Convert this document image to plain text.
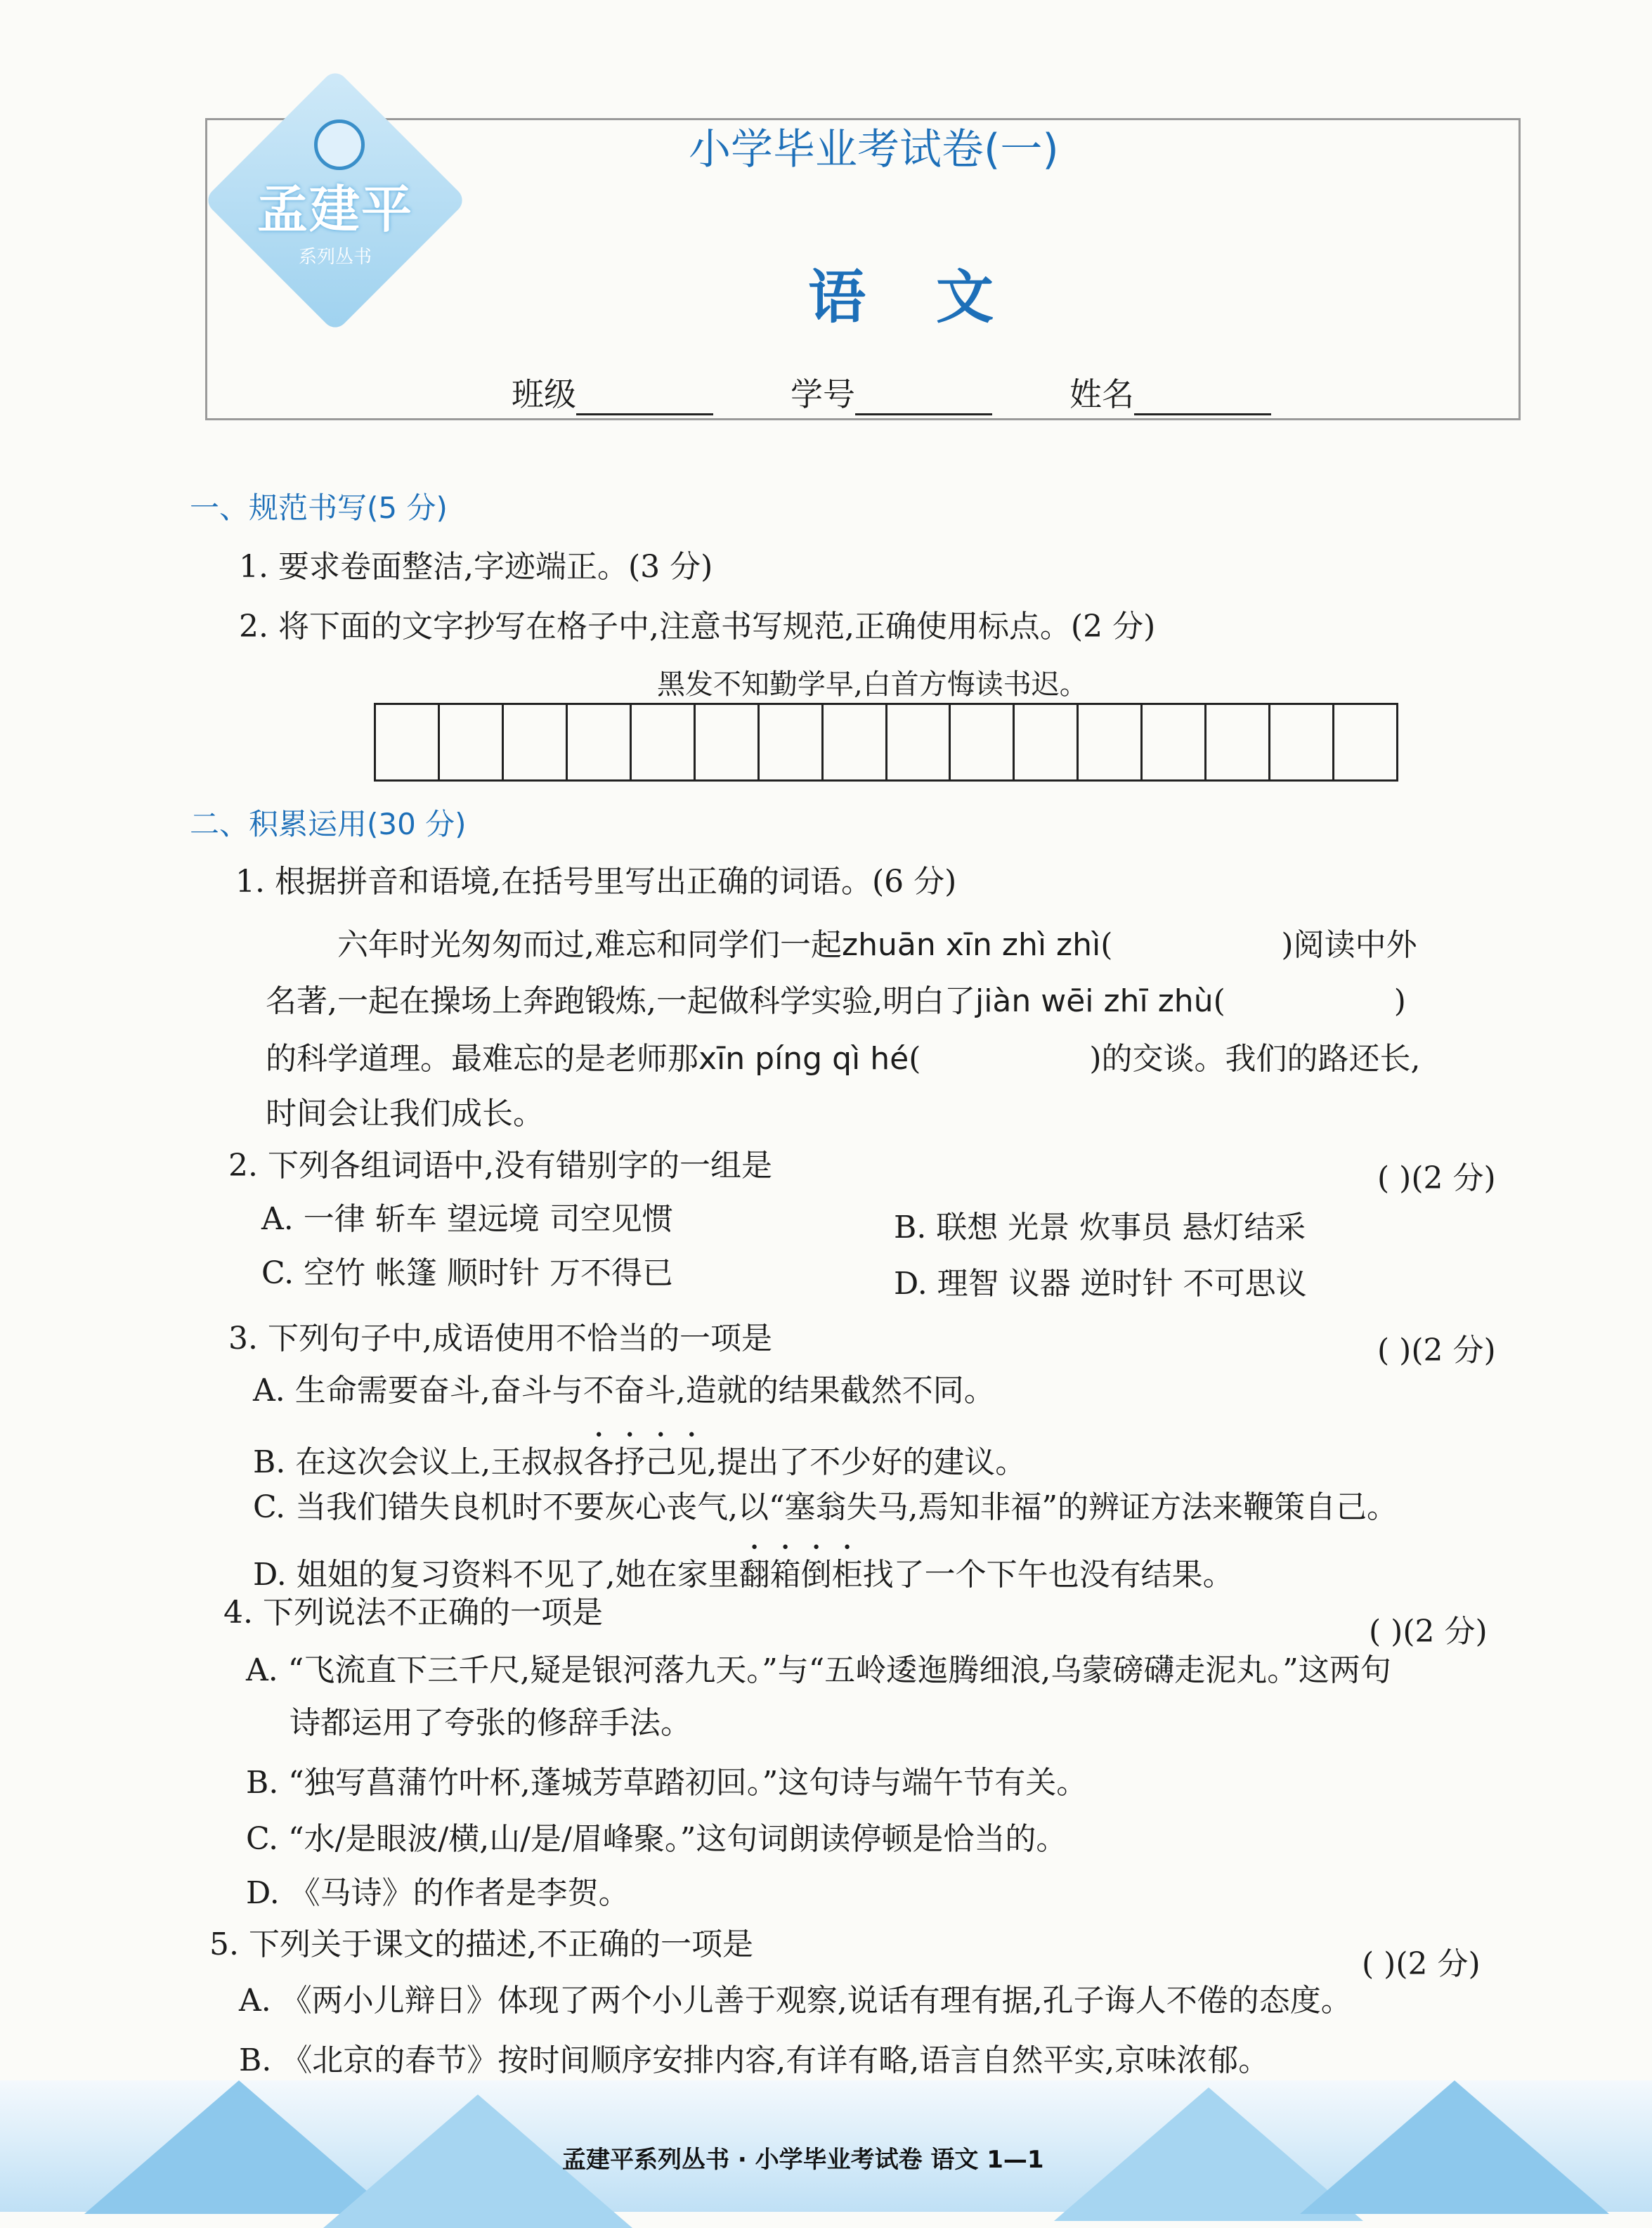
孟建平
系列丛书
小学毕业考试卷(一)
语文
班级	学号	姓名
一、规范书写(5 分)
1. 要求卷面整洁,字迹端正。(3 分)
2. 将下面的文字抄写在格子中,注意书写规范,正确使用标点。(2 分)
黑发不知勤学早,白首方悔读书迟。
二、积累运用(30 分)
1. 根据拼音和语境,在括号里写出正确的词语。(6 分)
六年时光匆匆而过,难忘和同学们一起zhuān xīn zhì zhì(	)阅读中外
名著,一起在操场上奔跑锻炼,一起做科学实验,明白了jiàn wēi zhī zhù(	)
的科学道理。最难忘的是老师那xīn píng qì hé(	)的交谈。我们的路还长,
时间会让我们成长。
2. 下列各组词语中,没有错别字的一组是	( )(2 分)
A. 一律 斩车 望远境 司空见惯	B. 联想 光景 炊事员 悬灯结采
C. 空竹 帐篷 顺时针 万不得已	D. 理智 议器 逆时针 不可思议
3. 下列句子中,成语使用不恰当的一项是	( )(2 分)
A. 生命需要奋斗,奋斗与不奋斗,造就的结果截然不同。
B. 在这次会议上,王叔叔各抒己见,提出了不少好的建议。
C. 当我们错失良机时不要灰心丧气,以“塞翁失马,焉知非福”的辨证方法来鞭策自己。
D. 姐姐的复习资料不见了,她在家里翻箱倒柜找了一个下午也没有结果。
4. 下列说法不正确的一项是
( )(2 分)
A. “飞流直下三千尺,疑是银河落九天。”与“五岭逶迤腾细浪,乌蒙磅礴走泥丸。”这两句
诗都运用了夸张的修辞手法。
B. “独写菖蒲竹叶杯,蓬城芳草踏初回。”这句诗与端午节有关。
C. “水/是眼波/横,山/是/眉峰聚。”这句词朗读停顿是恰当的。
D. 《马诗》的作者是李贺。
5. 下列关于课文的描述,不正确的一项是
( )(2 分)
A. 《两小儿辩日》体现了两个小儿善于观察,说话有理有据,孔子诲人不倦的态度。
B. 《北京的春节》按时间顺序安排内容,有详有略,语言自然平实,京味浓郁。
孟建平系列丛书 · 小学毕业考试卷 语文 1—1
